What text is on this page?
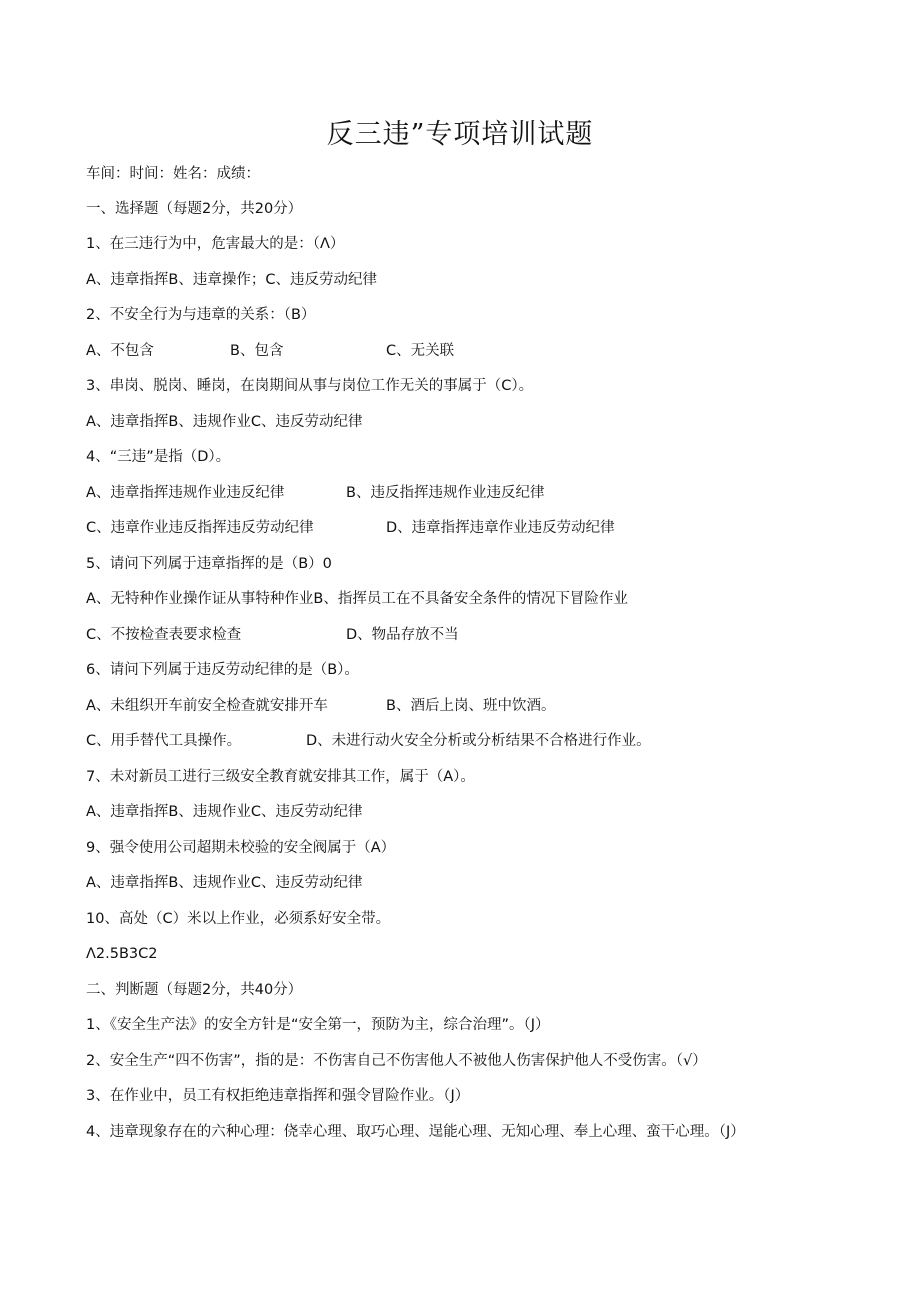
反三违”专项培训试题
车间：时间：姓名：成绩：
一、选择题（每题2分，共20分）
1、在三违行为中，危害最大的是：（Λ）
A、违章指挥B、违章操作；C、违反劳动纪律
2、不安全行为与违章的关系：（B）
A、不包含	B、包含	C、无关联
3、串岗、脱岗、睡岗，在岗期间从事与岗位工作无关的事属于（C）。
A、违章指挥B、违规作业C、违反劳动纪律
4、“三违”是指（D）。
A、违章指挥违规作业违反纪律	B、违反指挥违规作业违反纪律
C、违章作业违反指挥违反劳动纪律	D、违章指挥违章作业违反劳动纪律
5、请问下列属于违章指挥的是（B）0
A、无特种作业操作证从事特种作业B、指挥员工在不具备安全条件的情况下冒险作业
C、不按检查表要求检查	D、物品存放不当
6、请问下列属于违反劳动纪律的是（B）。
A、未组织开车前安全检查就安排开车	B、酒后上岗、班中饮酒。
C、用手替代工具操作。	D、未进行动火安全分析或分析结果不合格进行作业。
7、未对新员工进行三级安全教育就安排其工作，属于（A）。
A、违章指挥B、违规作业C、违反劳动纪律
9、强令使用公司超期未校验的安全阀属于（A）
A、违章指挥B、违规作业C、违反劳动纪律
10、高处（C）米以上作业，必须系好安全带。
Λ2.5B3C2
二、判断题（每题2分，共40分）
1、《安全生产法》的安全方针是“安全第一，预防为主，综合治理”。（J）
2、安全生产“四不伤害”，指的是：不伤害自己不伤害他人不被他人伤害保护他人不受伤害。（√）
3、在作业中，员工有权拒绝违章指挥和强令冒险作业。（J）
4、违章现象存在的六种心理：侥幸心理、取巧心理、逞能心理、无知心理、奉上心理、蛮干心理。（J）
